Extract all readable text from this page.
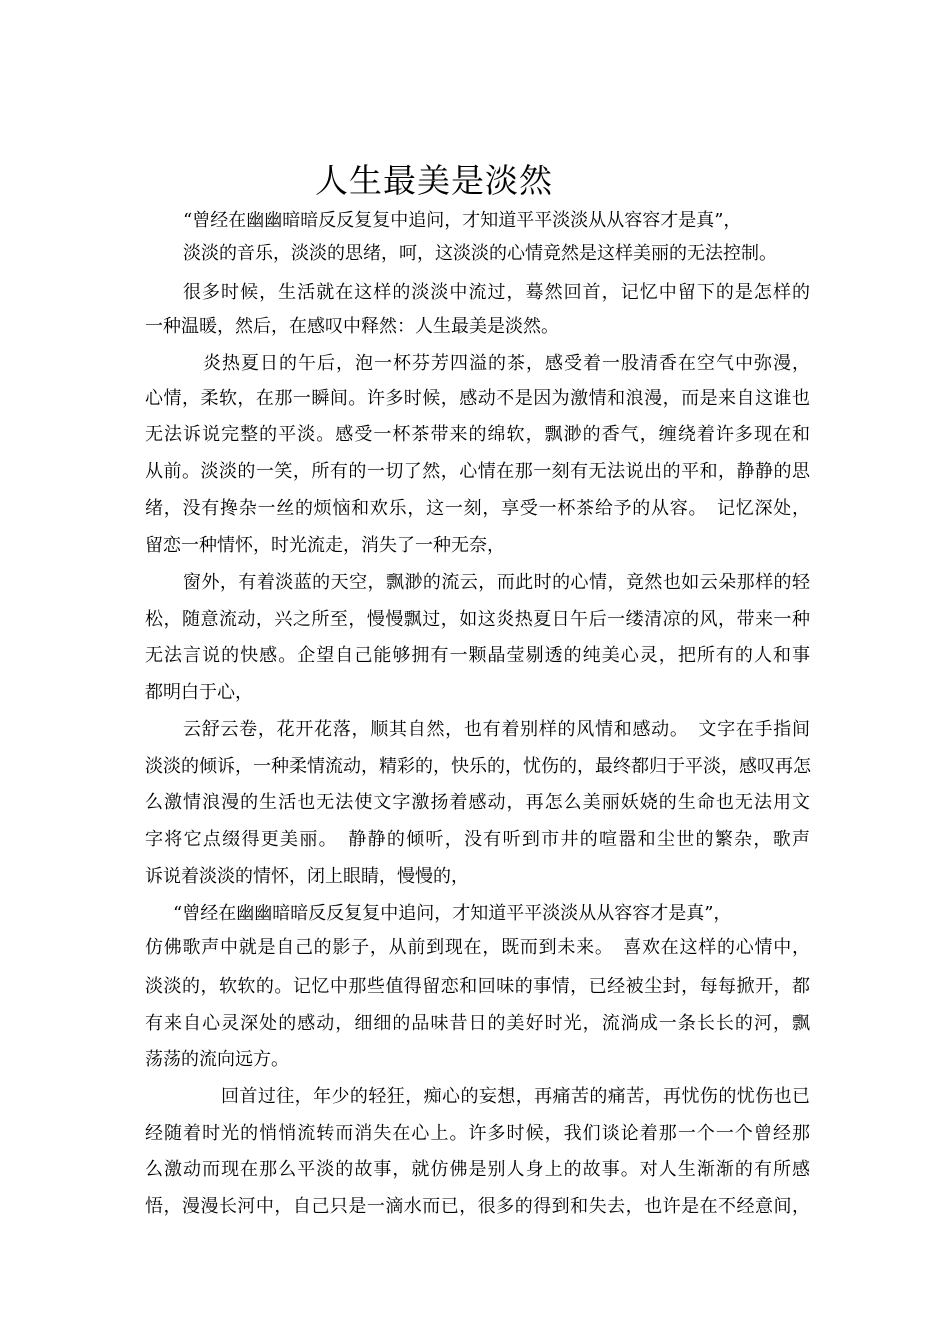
人生最美是淡然

“曾经在幽幽暗暗反反复复中追问，才知道平平淡淡从从容容才是真”，

淡淡的音乐，淡淡的思绪，呵，这淡淡的心情竟然是这样美丽的无法控制。

很多时候，生活就在这样的淡淡中流过，蓦然回首，记忆中留下的是怎样的

一种温暖，然后，在感叹中释然：人生最美是淡然。

炎热夏日的午后，泡一杯芬芳四溢的茶，感受着一股清香在空气中弥漫，

心情，柔软，在那一瞬间。许多时候，感动不是因为激情和浪漫，而是来自这谁也

无法诉说完整的平淡。感受一杯茶带来的绵软，飘渺的香气，缠绕着许多现在和

从前。淡淡的一笑，所有的一切了然，心情在那一刻有无法说出的平和，静静的思

绪，没有搀杂一丝的烦恼和欢乐，这一刻，享受一杯茶给予的从容。　记忆深处，

留恋一种情怀，时光流走，消失了一种无奈，

窗外，有着淡蓝的天空，飘渺的流云，而此时的心情，竟然也如云朵那样的轻

松，随意流动，兴之所至，慢慢飘过，如这炎热夏日午后一缕清凉的风，带来一种

无法言说的快感。企望自己能够拥有一颗晶莹剔透的纯美心灵，把所有的人和事

都明白于心，

云舒云卷，花开花落，顺其自然，也有着别样的风情和感动。　文字在手指间

淡淡的倾诉，一种柔情流动，精彩的，快乐的，忧伤的，最终都归于平淡，感叹再怎

么激情浪漫的生活也无法使文字激扬着感动，再怎么美丽妖娆的生命也无法用文

字将它点缀得更美丽。　静静的倾听，没有听到市井的喧嚣和尘世的繁杂，歌声

诉说着淡淡的情怀，闭上眼睛，慢慢的，

“曾经在幽幽暗暗反反复复中追问，才知道平平淡淡从从容容才是真”，

仿佛歌声中就是自己的影子，从前到现在，既而到未来。　喜欢在这样的心情中，

淡淡的，软软的。记忆中那些值得留恋和回味的事情，已经被尘封，每每掀开，都

有来自心灵深处的感动，细细的品味昔日的美好时光，流淌成一条长长的河，飘

荡荡的流向远方。

回首过往，年少的轻狂，痴心的妄想，再痛苦的痛苦，再忧伤的忧伤也已

经随着时光的悄悄流转而消失在心上。许多时候，我们谈论着那一个一个曾经那

么激动而现在那么平淡的故事，就仿佛是别人身上的故事。对人生渐渐的有所感

悟，漫漫长河中，自己只是一滴水而已，很多的得到和失去，也许是在不经意间，
